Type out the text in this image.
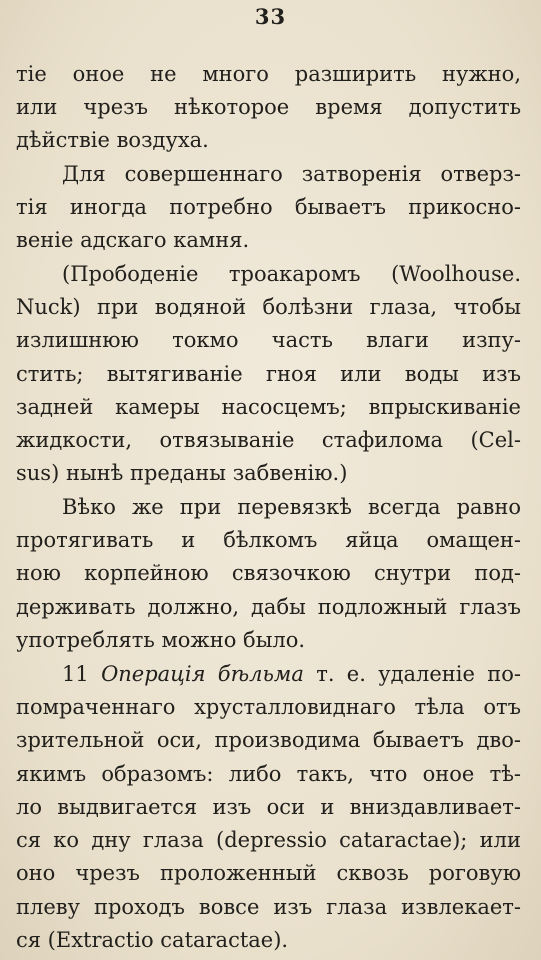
33
тіе оное не много разширить нужно,
или чрезъ нѣкоторое время допустить
дѣйствіе воздуха.
Для совершеннаго затворенія отверз-
тія иногда потребно бываетъ прикосно-
веніе адскаго камня.
(Прободеніе троакаромъ (Woolhouse.
Nuck) при водяной болѣзни глаза, чтобы
излишнюю токмо часть влаги изпу-
стить; вытягиваніе гноя или воды изъ
задней камеры насосцемъ; впрыскиваніе
жидкости, отвязываніе стафилома (Cel-
sus) нынѣ преданы забвенію.)
Вѣко же при перевязкѣ всегда равно
протягивать и бѣлкомъ яйца омащен-
ною корпейною связочкою снутри под-
держивать должно, дабы подложный глазъ
употреблять можно было.
11 Операція бѣльма т. е. удаленіе по-
помраченнаго хрусталловиднаго тѣла отъ
зрительной оси, производима бываетъ дво-
якимъ образомъ: либо такъ, что оное тѣ-
ло выдвигается изъ оси и вниздавливает-
ся ко дну глаза (depressio cataractae); или
оно чрезъ проложенный сквозь роговую
плеву проходъ вовсе изъ глаза извлекает-
ся (Extractio cataractae).
